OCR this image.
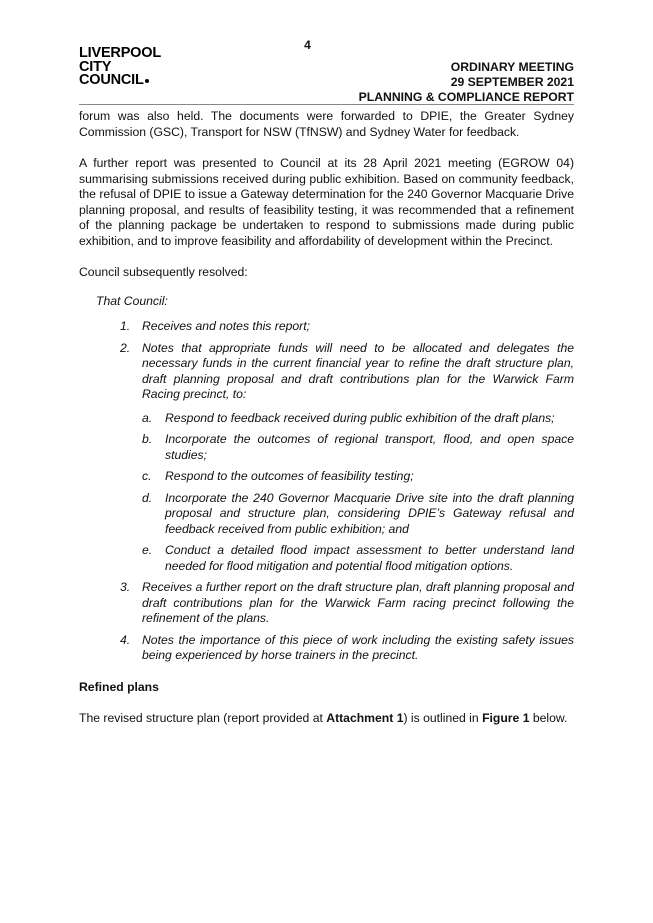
4
LIVERPOOL
CITY
COUNCIL
ORDINARY MEETING
29 SEPTEMBER 2021
PLANNING & COMPLIANCE REPORT

forum was also held. The documents were forwarded to DPIE, the Greater Sydney Commission (GSC), Transport for NSW (TfNSW) and Sydney Water for feedback.

A further report was presented to Council at its 28 April 2021 meeting (EGROW 04) summarising submissions received during public exhibition. Based on community feedback, the refusal of DPIE to issue a Gateway determination for the 240 Governor Macquarie Drive planning proposal, and results of feasibility testing, it was recommended that a refinement of the planning package be undertaken to respond to submissions made during public exhibition, and to improve feasibility and affordability of development within the Precinct.

Council subsequently resolved:

That Council:
1. Receives and notes this report;
2. Notes that appropriate funds will need to be allocated and delegates the necessary funds in the current financial year to refine the draft structure plan, draft planning proposal and draft contributions plan for the Warwick Farm Racing precinct, to:
a. Respond to feedback received during public exhibition of the draft plans;
b. Incorporate the outcomes of regional transport, flood, and open space studies;
c. Respond to the outcomes of feasibility testing;
d. Incorporate the 240 Governor Macquarie Drive site into the draft planning proposal and structure plan, considering DPIE’s Gateway refusal and feedback received from public exhibition; and
e. Conduct a detailed flood impact assessment to better understand land needed for flood mitigation and potential flood mitigation options.
3. Receives a further report on the draft structure plan, draft planning proposal and draft contributions plan for the Warwick Farm racing precinct following the refinement of the plans.
4. Notes the importance of this piece of work including the existing safety issues being experienced by horse trainers in the precinct.
Refined plans

The revised structure plan (report provided at Attachment 1) is outlined in Figure 1 below.
